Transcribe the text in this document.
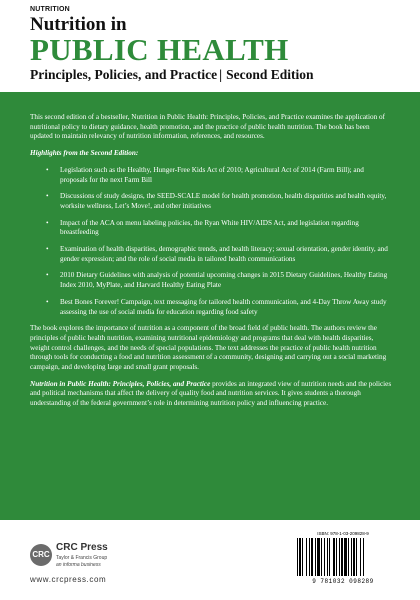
NUTRITION
Nutrition in
PUBLIC HEALTH
Principles, Policies, and Practice | Second Edition

This second edition of a bestseller, Nutrition in Public Health: Principles, Policies, and Practice examines the application of nutritional policy to dietary guidance, health promotion, and the practice of public health nutrition. The book has been updated to maintain relevancy of nutrition information, references, and resources.

Highlights from the Second Edition:

• Legislation such as the Healthy, Hunger-Free Kids Act of 2010; Agricultural Act of 2014 (Farm Bill); and proposals for the next Farm Bill
• Discussions of study designs, the SEED-SCALE model for health promotion, health disparities and health equity, worksite wellness, Let’s Move!, and other initiatives
• Impact of the ACA on menu labeling policies, the Ryan White HIV/AIDS Act, and legislation regarding breastfeeding
• Examination of health disparities, demographic trends, and health literacy; sexual orientation, gender identity, and gender expression; and the role of social media in tailored health communications
• 2010 Dietary Guidelines with analysis of potential upcoming changes in 2015 Dietary Guidelines, Healthy Eating Index 2010, MyPlate, and Harvard Healthy Eating Plate
• Best Bones Forever! Campaign, text messaging for tailored health communication, and 4-Day Throw Away study assessing the use of social media for education regarding food safety

The book explores the importance of nutrition as a component of the broad field of public health. The authors review the principles of public health nutrition, examining nutritional epidemiology and programs that deal with health disparities, weight control challenges, and the needs of special populations. The text addresses the practice of public health nutrition through tools for conducting a food and nutrition assessment of a community, designing and carrying out a social marketing campaign, and developing large and small grant proposals.

Nutrition in Public Health: Principles, Policies, and Practice provides an integrated view of nutrition needs and the policies and political mechanisms that affect the delivery of quality food and nutrition services. It gives students a thorough understanding of the federal government’s role in determining nutrition policy and influencing practice.

CRC
CRC Press
Taylor & Francis Group
an informa business
www.crcpress.com
ISBN: 978-1-03-209828-9
9 781032 098289
